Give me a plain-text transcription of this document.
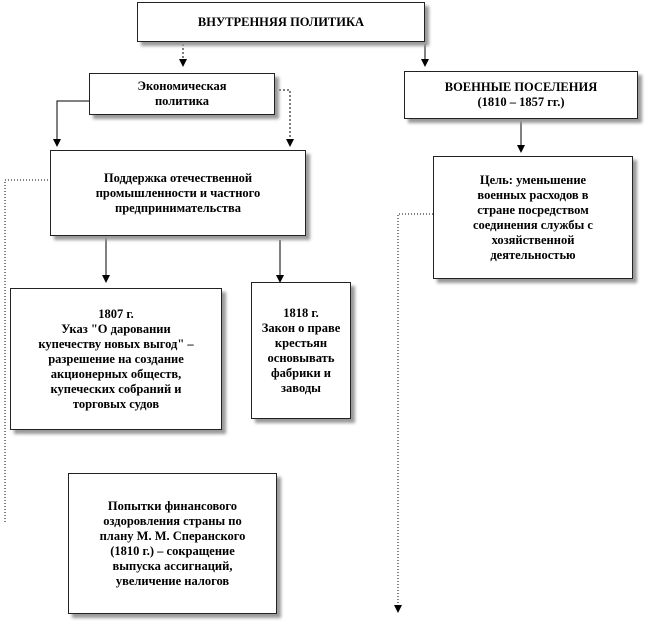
ВНУТРЕННЯЯ ПОЛИТИКА
Экономическая
политика
ВОЕННЫЕ ПОСЕЛЕНИЯ
(1810 – 1857 гг.)
Поддержка отечественной
промышленности и частного
предпринимательства
Цель: уменьшение
военных расходов в
стране посредством
соединения службы с
хозяйственной
деятельностью
1807 г.
Указ "О даровании
купечеству новых выгод" –
разрешение на создание
акционерных обществ,
купеческих собраний и
торговых судов
1818 г.
Закон о праве
крестьян
основывать
фабрики и
заводы
Попытки финансового
оздоровления страны по
плану М. М. Сперанского
(1810 г.) – сокращение
выпуска ассигнаций,
увеличение налогов
